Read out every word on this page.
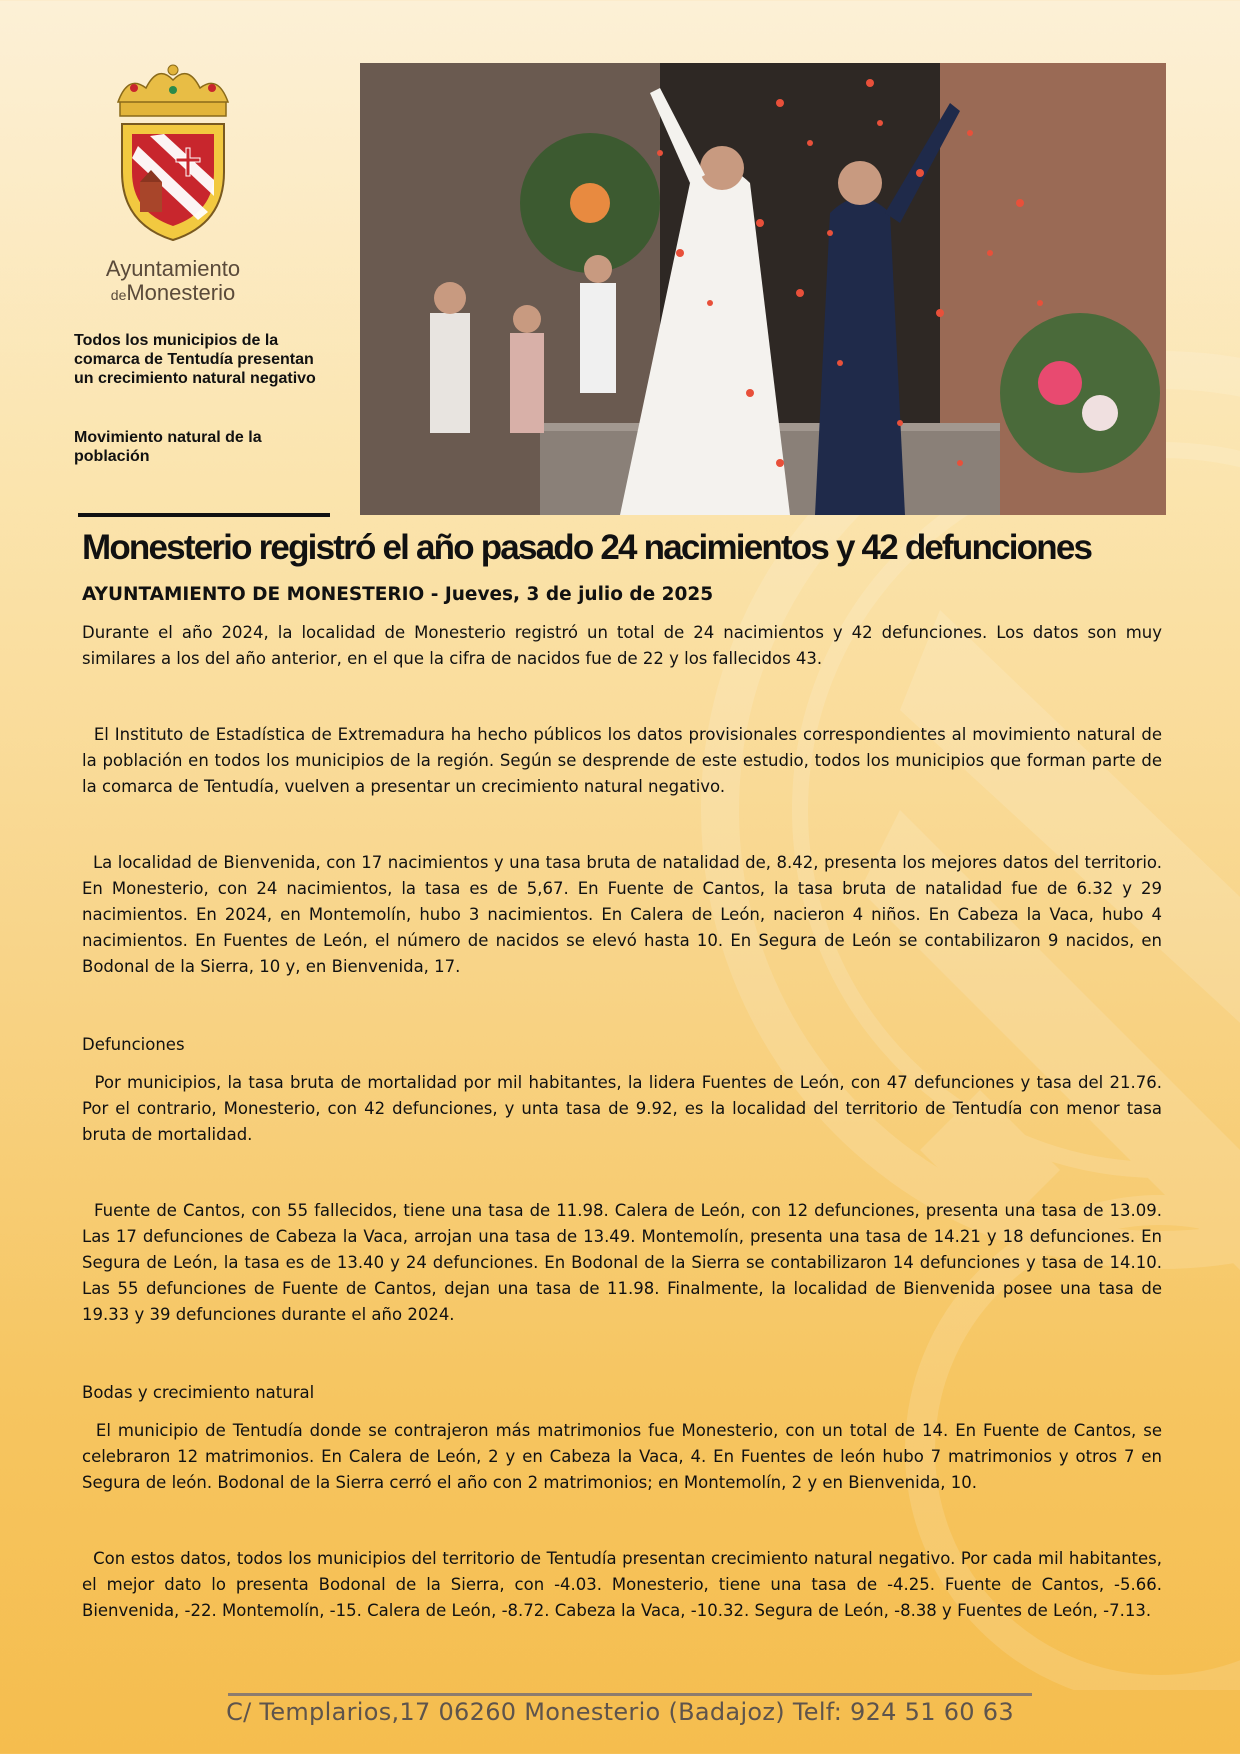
Ayuntamiento
deMonesterio

Todos los municipios de la comarca de Tentudía presentan un crecimiento natural negativo

Movimiento natural de la población

Monesterio registró el año pasado 24 nacimientos y 42 defunciones

AYUNTAMIENTO DE MONESTERIO - Jueves, 3 de julio de 2025

Durante el año 2024, la localidad de Monesterio registró un total de 24 nacimientos y 42 defunciones. Los datos son muy similares a los del año anterior, en el que la cifra de nacidos fue de 22 y los fallecidos 43.

El Instituto de Estadística de Extremadura ha hecho públicos los datos provisionales correspondientes al movimiento natural de la población en todos los municipios de la región. Según se desprende de este estudio, todos los municipios que forman parte de la comarca de Tentudía, vuelven a presentar un crecimiento natural negativo.

La localidad de Bienvenida, con 17 nacimientos y una tasa bruta de natalidad de, 8.42, presenta los mejores datos del territorio. En Monesterio, con 24 nacimientos, la tasa es de 5,67. En Fuente de Cantos, la tasa bruta de natalidad fue de 6.32 y 29 nacimientos. En 2024, en Montemolín, hubo 3 nacimientos. En Calera de León, nacieron 4 niños. En Cabeza la Vaca, hubo 4 nacimientos. En Fuentes de León, el número de nacidos se elevó hasta 10. En Segura de León se contabilizaron 9 nacidos, en Bodonal de la Sierra, 10 y, en Bienvenida, 17.

Defunciones

Por municipios, la tasa bruta de mortalidad por mil habitantes, la lidera Fuentes de León, con 47 defunciones y tasa del 21.76. Por el contrario, Monesterio, con 42 defunciones, y unta tasa de 9.92, es la localidad del territorio de Tentudía con menor tasa bruta de mortalidad.

Fuente de Cantos, con 55 fallecidos, tiene una tasa de 11.98. Calera de León, con 12 defunciones, presenta una tasa de 13.09. Las 17 defunciones de Cabeza la Vaca, arrojan una tasa de 13.49. Montemolín, presenta una tasa de 14.21 y 18 defunciones. En Segura de León, la tasa es de 13.40 y 24 defunciones. En Bodonal de la Sierra se contabilizaron 14 defunciones y tasa de 14.10. Las 55 defunciones de Fuente de Cantos, dejan una tasa de 11.98. Finalmente, la localidad de Bienvenida posee una tasa de 19.33 y 39 defunciones durante el año 2024.

Bodas y crecimiento natural

El municipio de Tentudía donde se contrajeron más matrimonios fue Monesterio, con un total de 14. En Fuente de Cantos, se celebraron 12 matrimonios. En Calera de León, 2 y en Cabeza la Vaca, 4. En Fuentes de león hubo 7 matrimonios y otros 7 en Segura de león. Bodonal de la Sierra cerró el año con 2 matrimonios; en Montemolín, 2 y en Bienvenida, 10.

Con estos datos, todos los municipios del territorio de Tentudía presentan crecimiento natural negativo. Por cada mil habitantes, el mejor dato lo presenta Bodonal de la Sierra, con -4.03. Monesterio, tiene una tasa de -4.25. Fuente de Cantos, -5.66. Bienvenida, -22. Montemolín, -15. Calera de León, -8.72. Cabeza la Vaca, -10.32. Segura de León, -8.38 y Fuentes de León, -7.13.

C/ Templarios,17 06260 Monesterio (Badajoz) Telf: 924 51 60 63
